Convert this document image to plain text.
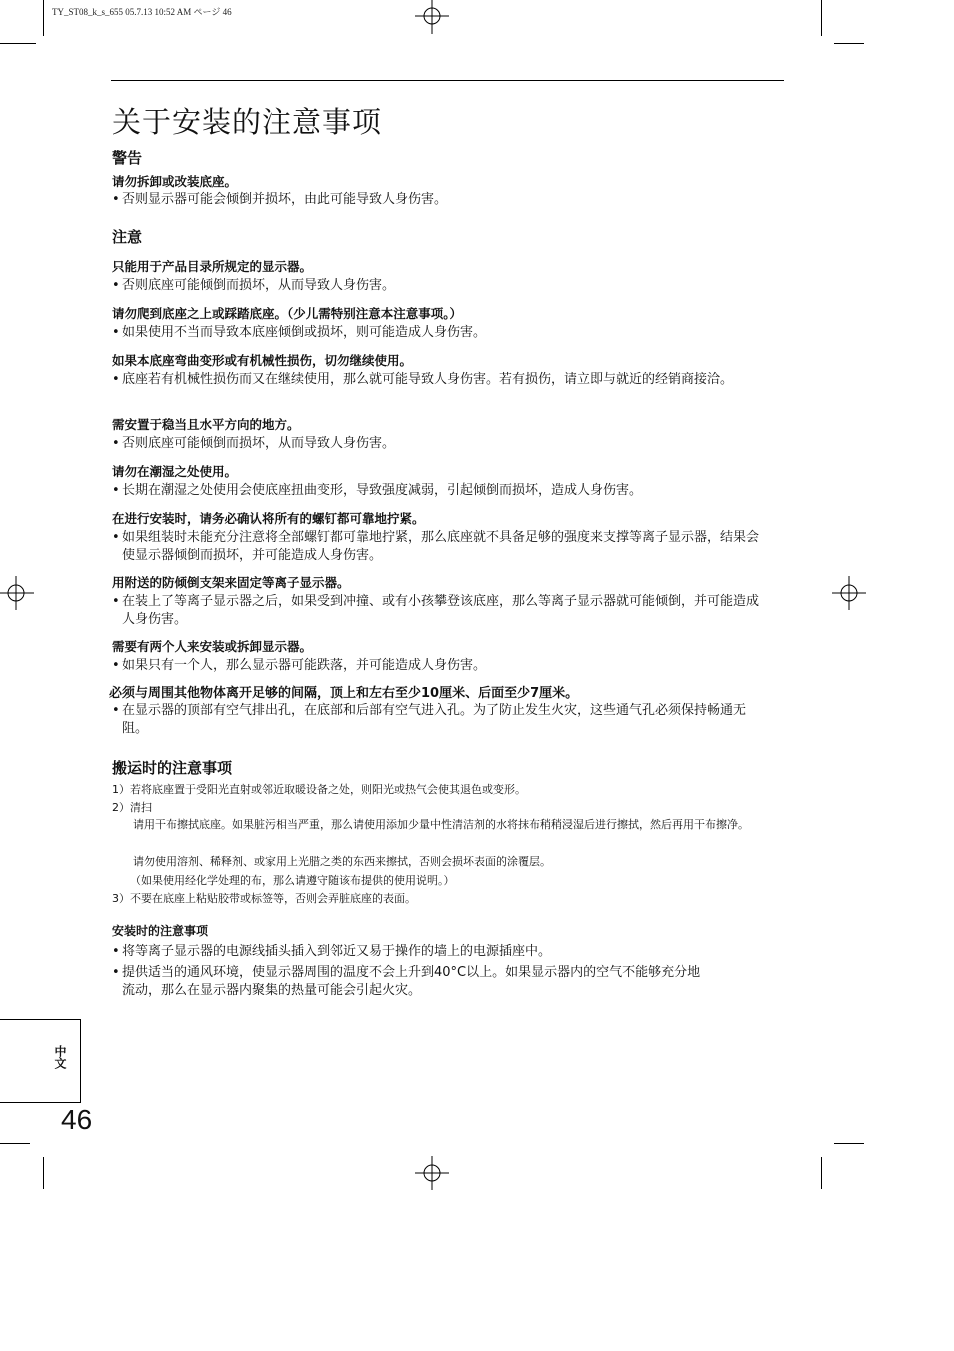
TY_ST08_k_s_655 05.7.13 10:52 AM ページ 46
关于安装的注意事项
警告
请勿拆卸或改装底座。
• 否则显示器可能会倾倒并损坏，由此可能导致人身伤害。
注意
只能用于产品目录所规定的显示器。
• 否则底座可能倾倒而损坏，从而导致人身伤害。
请勿爬到底座之上或踩踏底座。（少儿需特别注意本注意事项。）
• 如果使用不当而导致本底座倾倒或损坏，则可能造成人身伤害。
如果本底座弯曲变形或有机械性损伤，切勿继续使用。
• 底座若有机械性损伤而又在继续使用，那么就可能导致人身伤害。若有损伤，请立即与就近的经销商接洽。
需安置于稳当且水平方向的地方。
• 否则底座可能倾倒而损坏，从而导致人身伤害。
请勿在潮湿之处使用。
• 长期在潮湿之处使用会使底座扭曲变形，导致强度减弱，引起倾倒而损坏，造成人身伤害。
在进行安装时，请务必确认将所有的螺钉都可靠地拧紧。
• 如果组装时未能充分注意将全部螺钉都可靠地拧紧，那么底座就不具备足够的强度来支撑等离子显示器，结果会使显示器倾倒而损坏，并可能造成人身伤害。
用附送的防倾倒支架来固定等离子显示器。
• 在装上了等离子显示器之后，如果受到冲撞、或有小孩攀登该底座，那么等离子显示器就可能倾倒，并可能造成人身伤害。
需要有两个人来安装或拆卸显示器。
• 如果只有一个人，那么显示器可能跌落，并可能造成人身伤害。
必须与周围其他物体离开足够的间隔，顶上和左右至少10厘米、后面至少7厘米。
• 在显示器的顶部有空气排出孔，在底部和后部有空气进入孔。为了防止发生火灾，这些通气孔必须保持畅通无阻。
搬运时的注意事项
1）若将底座置于受阳光直射或邻近取暖设备之处，则阳光或热气会使其退色或变形。
2）清扫
请用干布擦拭底座。如果脏污相当严重，那么请使用添加少量中性清洁剂的水将抹布稍稍浸湿后进行擦拭，然后再用干布擦净。
请勿使用溶剂、稀释剂、或家用上光腊之类的东西来擦拭，否则会损坏表面的涂覆层。
（如果使用经化学处理的布，那么请遵守随该布提供的使用说明。）
3）不要在底座上粘贴胶带或标签等，否则会弄脏底座的表面。
安装时的注意事项
• 将等离子显示器的电源线插头插入到邻近又易于操作的墙上的电源插座中。
• 提供适当的通风环境，使显示器周围的温度不会上升到40°C以上。如果显示器内的空气不能够充分地流动，那么在显示器内聚集的热量可能会引起火灾。
中文
46
